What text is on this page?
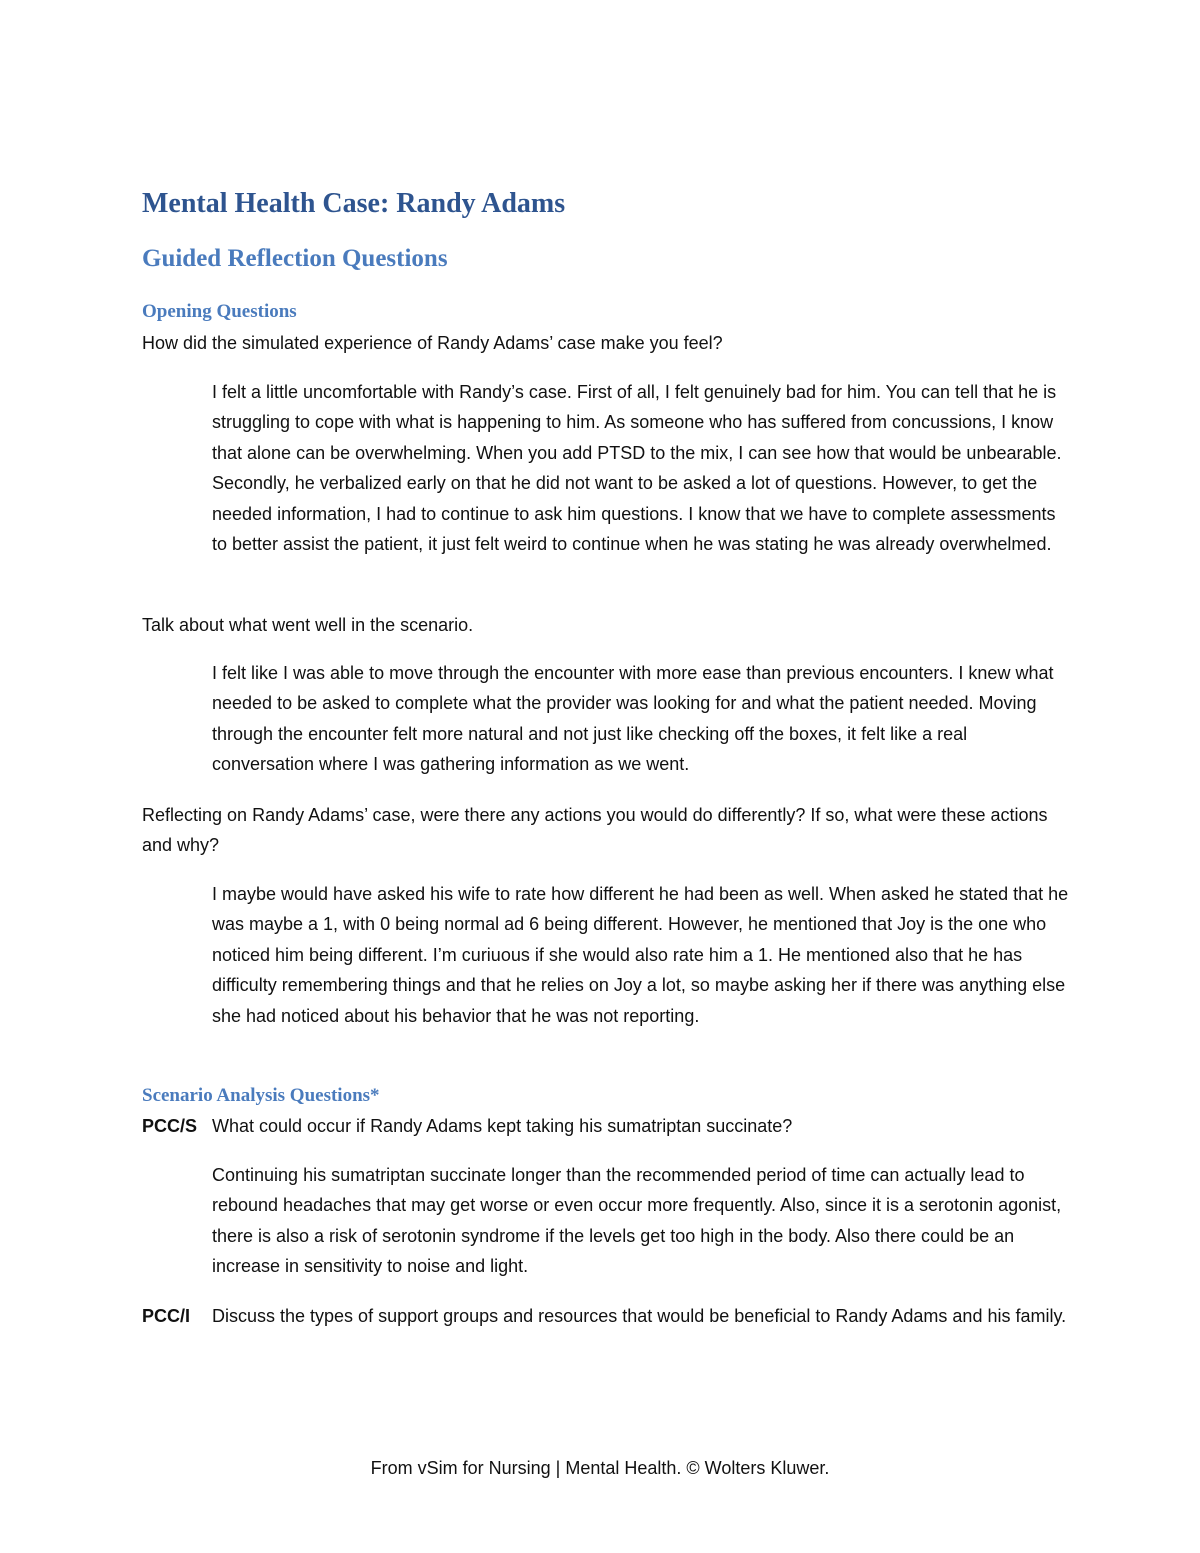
Mental Health Case: Randy Adams
Guided Reflection Questions
Opening Questions
How did the simulated experience of Randy Adams’ case make you feel?
I felt a little uncomfortable with Randy’s case. First of all, I felt genuinely bad for him. You can tell that he is struggling to cope with what is happening to him. As someone who has suffered from concussions, I know that alone can be overwhelming. When you add PTSD to the mix, I can see how that would be unbearable. Secondly, he verbalized early on that he did not want to be asked a lot of questions. However, to get the needed information, I had to continue to ask him questions. I know that we have to complete assessments to better assist the patient, it just felt weird to continue when he was stating he was already overwhelmed.
Talk about what went well in the scenario.
I felt like I was able to move through the encounter with more ease than previous encounters. I knew what needed to be asked to complete what the provider was looking for and what the patient needed. Moving through the encounter felt more natural and not just like checking off the boxes, it felt like a real conversation where I was gathering information as we went.
Reflecting on Randy Adams’ case, were there any actions you would do differently? If so, what were these actions and why?
I maybe would have asked his wife to rate how different he had been as well. When asked he stated that he was maybe a 1, with 0 being normal ad 6 being different. However, he mentioned that Joy is the one who noticed him being different. I’m curiuous if she would also rate him a 1. He mentioned also that he has difficulty remembering things and that he relies on Joy a lot, so maybe asking her if there was anything else she had noticed about his behavior that he was not reporting.
Scenario Analysis Questions*
PCC/S What could occur if Randy Adams kept taking his sumatriptan succinate?
Continuing his sumatriptan succinate longer than the recommended period of time can actually lead to rebound headaches that may get worse or even occur more frequently. Also, since it is a serotonin agonist, there is also a risk of serotonin syndrome if the levels get too high in the body. Also there could be an increase in sensitivity to noise and light.
PCC/I Discuss the types of support groups and resources that would be beneficial to Randy Adams and his family.
From vSim for Nursing | Mental Health. © Wolters Kluwer.
